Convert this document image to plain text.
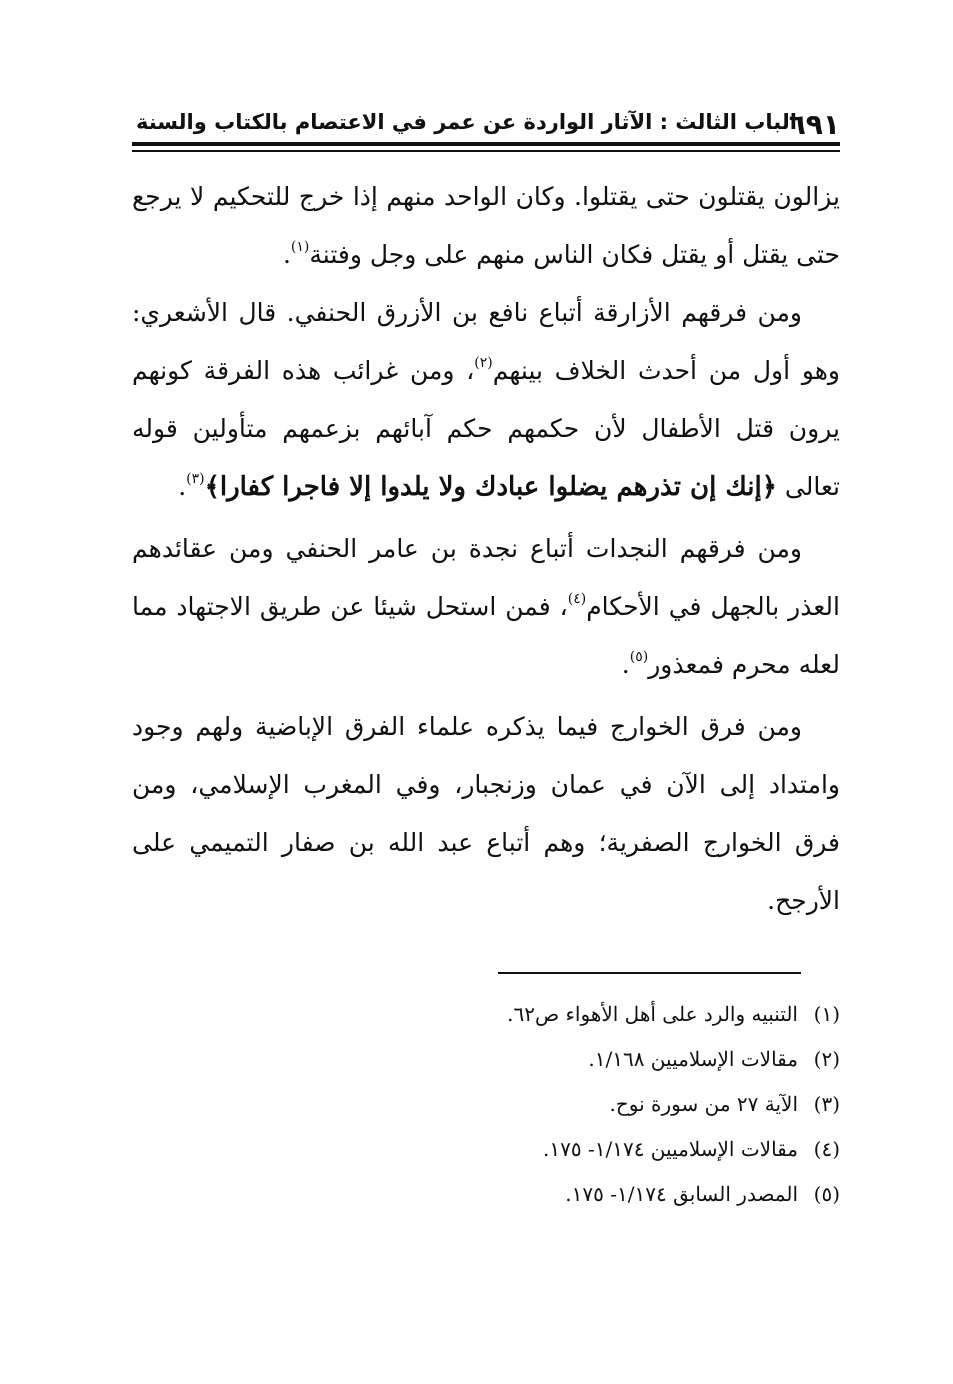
٦٩١
الباب الثالث : الآثار الواردة عن عمر في الاعتصام بالكتاب والسنة

يزالون يقتلون حتى يقتلوا. وكان الواحد منهم إذا خرج للتحكيم لا يرجع حتى يقتل أو يقتل فكان الناس منهم على وجل وفتنة$^{(١)}$.

ومن فرقهم الأزارقة أتباع نافع بن الأزرق الحنفي. قال الأشعري: وهو أول من أحدث الخلاف بينهم$^{(٢)}$، ومن غرائب هذه الفرقة كونهم يرون قتل الأطفال لأن حكمهم حكم آبائهم بزعمهم متأولين قوله تعالى ﴿إنك إن تذرهم يضلوا عبادك ولا يلدوا إلا فاجرا كفارا﴾$^{(٣)}$.

ومن فرقهم النجدات أتباع نجدة بن عامر الحنفي ومن عقائدهم العذر بالجهل في الأحكام$^{(٤)}$، فمن استحل شيئا عن طريق الاجتهاد مما لعله محرم فمعذور$^{(٥)}$.

ومن فرق الخوارج فيما يذكره علماء الفرق الإباضية ولهم وجود وامتداد إلى الآن في عمان وزنجبار، وفي المغرب الإسلامي، ومن فرق الخوارج الصفرية؛ وهم أتباع عبد الله بن صفار التميمي على الأرجح.

(١)التنبيه والرد على أهل الأهواء ص٦٢.
(٢)مقالات الإسلاميين ١/١٦٨.
(٣)الآية ٢٧ من سورة نوح.
(٤)مقالات الإسلاميين ١/١٧٤- ١٧٥.
(٥)المصدر السابق ١/١٧٤- ١٧٥.
